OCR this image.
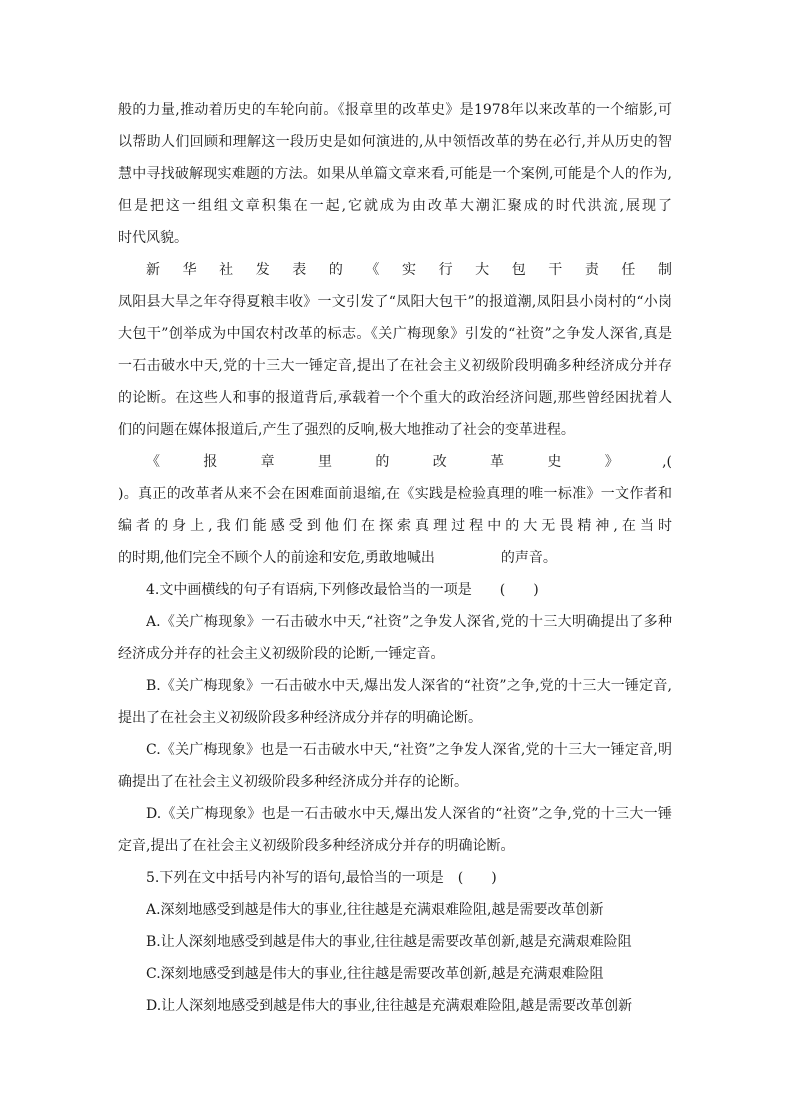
般的力量,推动着历史的车轮向前。《报章里的改革史》是1978年以来改革的一个缩影,可
以帮助人们回顾和理解这一段历史是如何演进的,从中领悟改革的势在必行,并从历史的智
慧中寻找破解现实难题的方法。如果从单篇文章来看,可能是一个案例,可能是个人的作为,
但是把这一组组文章积集在一起,它就成为由改革大潮汇聚成的时代洪流,展现了
时代风貌。
新华社发表的《实行大包干责任制
凤阳县大旱之年夺得夏粮丰收》一文引发了“凤阳大包干”的报道潮,凤阳县小岗村的“小岗
大包干”创举成为中国农村改革的标志。《关广梅现象》引发的“社资”之争发人深省,真是
一石击破水中天,党的十三大一锤定音,提出了在社会主义初级阶段明确多种经济成分并存
的论断。在这些人和事的报道背后,承载着一个个重大的政治经济问题,那些曾经困扰着人
们的问题在媒体报道后,产生了强烈的反响,极大地推动了社会的变革进程。
《报章里的改革史》,(
)。真正的改革者从来不会在困难面前退缩,在《实践是检验真理的唯一标准》一文作者和
编者的身上,我们能感受到他们在探索真理过程中的大无畏精神,在当时
的时期,他们完全不顾个人的前途和安危,勇敢地喊出	的声音。
4.文中画横线的句子有语病,下列修改最恰当的一项是　　(　　)
A.《关广梅现象》一石击破水中天,“社资”之争发人深省,党的十三大明确提出了多种
经济成分并存的社会主义初级阶段的论断,一锤定音。
B.《关广梅现象》一石击破水中天,爆出发人深省的“社资”之争,党的十三大一锤定音,
提出了在社会主义初级阶段多种经济成分并存的明确论断。
C.《关广梅现象》也是一石击破水中天,“社资”之争发人深省,党的十三大一锤定音,明
确提出了在社会主义初级阶段多种经济成分并存的论断。
D.《关广梅现象》也是一石击破水中天,爆出发人深省的“社资”之争,党的十三大一锤
定音,提出了在社会主义初级阶段多种经济成分并存的明确论断。
5.下列在文中括号内补写的语句,最恰当的一项是　(　　)
A.深刻地感受到越是伟大的事业,往往越是充满艰难险阻,越是需要改革创新
B.让人深刻地感受到越是伟大的事业,往往越是需要改革创新,越是充满艰难险阻
C.深刻地感受到越是伟大的事业,往往越是需要改革创新,越是充满艰难险阻
D.让人深刻地感受到越是伟大的事业,往往越是充满艰难险阻,越是需要改革创新
